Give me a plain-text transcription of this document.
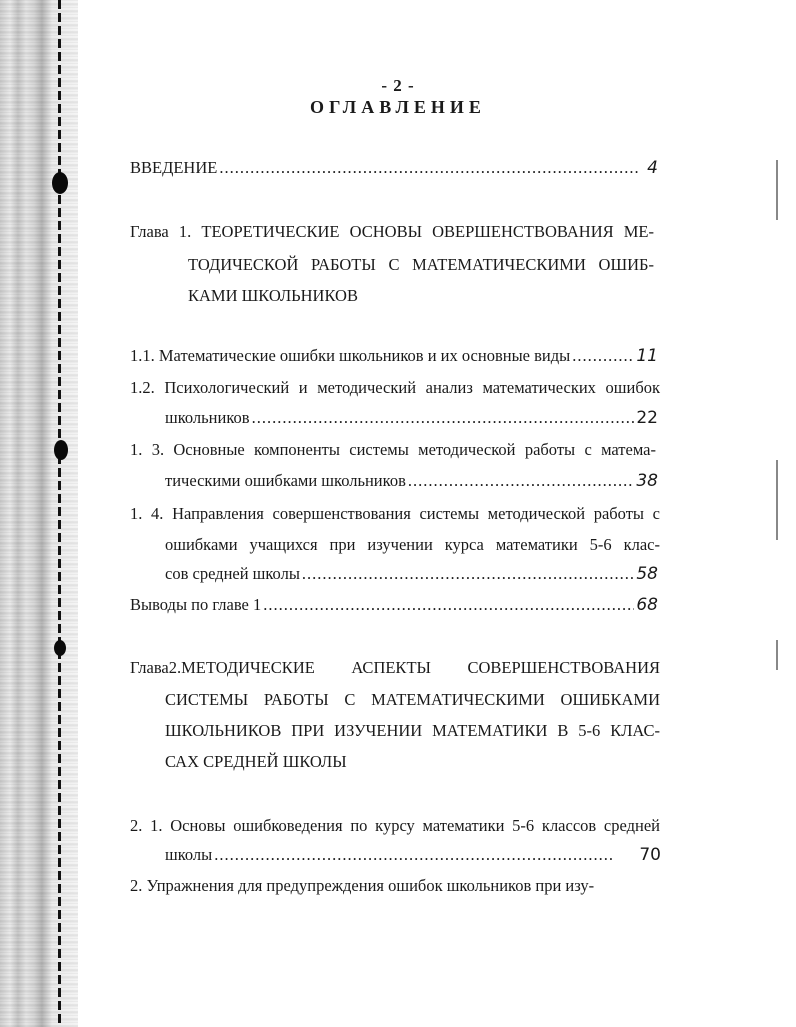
- 2 -
ОГЛАВЛЕНИЕ
ВВЕДЕНИЕ .....	4
Глава 1. ТЕОРЕТИЧЕСКИЕ ОСНОВЫ ОВЕРШЕНСТВОВАНИЯ МЕ-
ТОДИЧЕСКОЙ РАБОТЫ С МАТЕМАТИЧЕСКИМИ ОШИБ-
КАМИ ШКОЛЬНИКОВ
1.1. Математические ошибки школьников и их основные виды .....	11
1.2. Психологический и методический анализ математических ошибок
школьников .....	22
1. 3. Основные компоненты системы методической работы с матема-
тическими ошибками школьников .....	38
1. 4. Направления совершенствования системы методической работы с
ошибками учащихся при изучении курса математики 5-6 клас-
сов средней школы .....	58
Выводы по главе 1 .....	68
Глава2.МЕТОДИЧЕСКИЕ АСПЕКТЫ СОВЕРШЕНСТВОВАНИЯ
СИСТЕМЫ РАБОТЫ С МАТЕМАТИЧЕСКИМИ ОШИБКАМИ
ШКОЛЬНИКОВ ПРИ ИЗУЧЕНИИ МАТЕМАТИКИ В 5-6 КЛАС-
САХ СРЕДНЕЙ ШКОЛЫ
2. 1. Основы ошибковедения по курсу математики 5-6 классов средней
школы .....	70
2. Упражнения для предупреждения ошибок школьников при изу-
